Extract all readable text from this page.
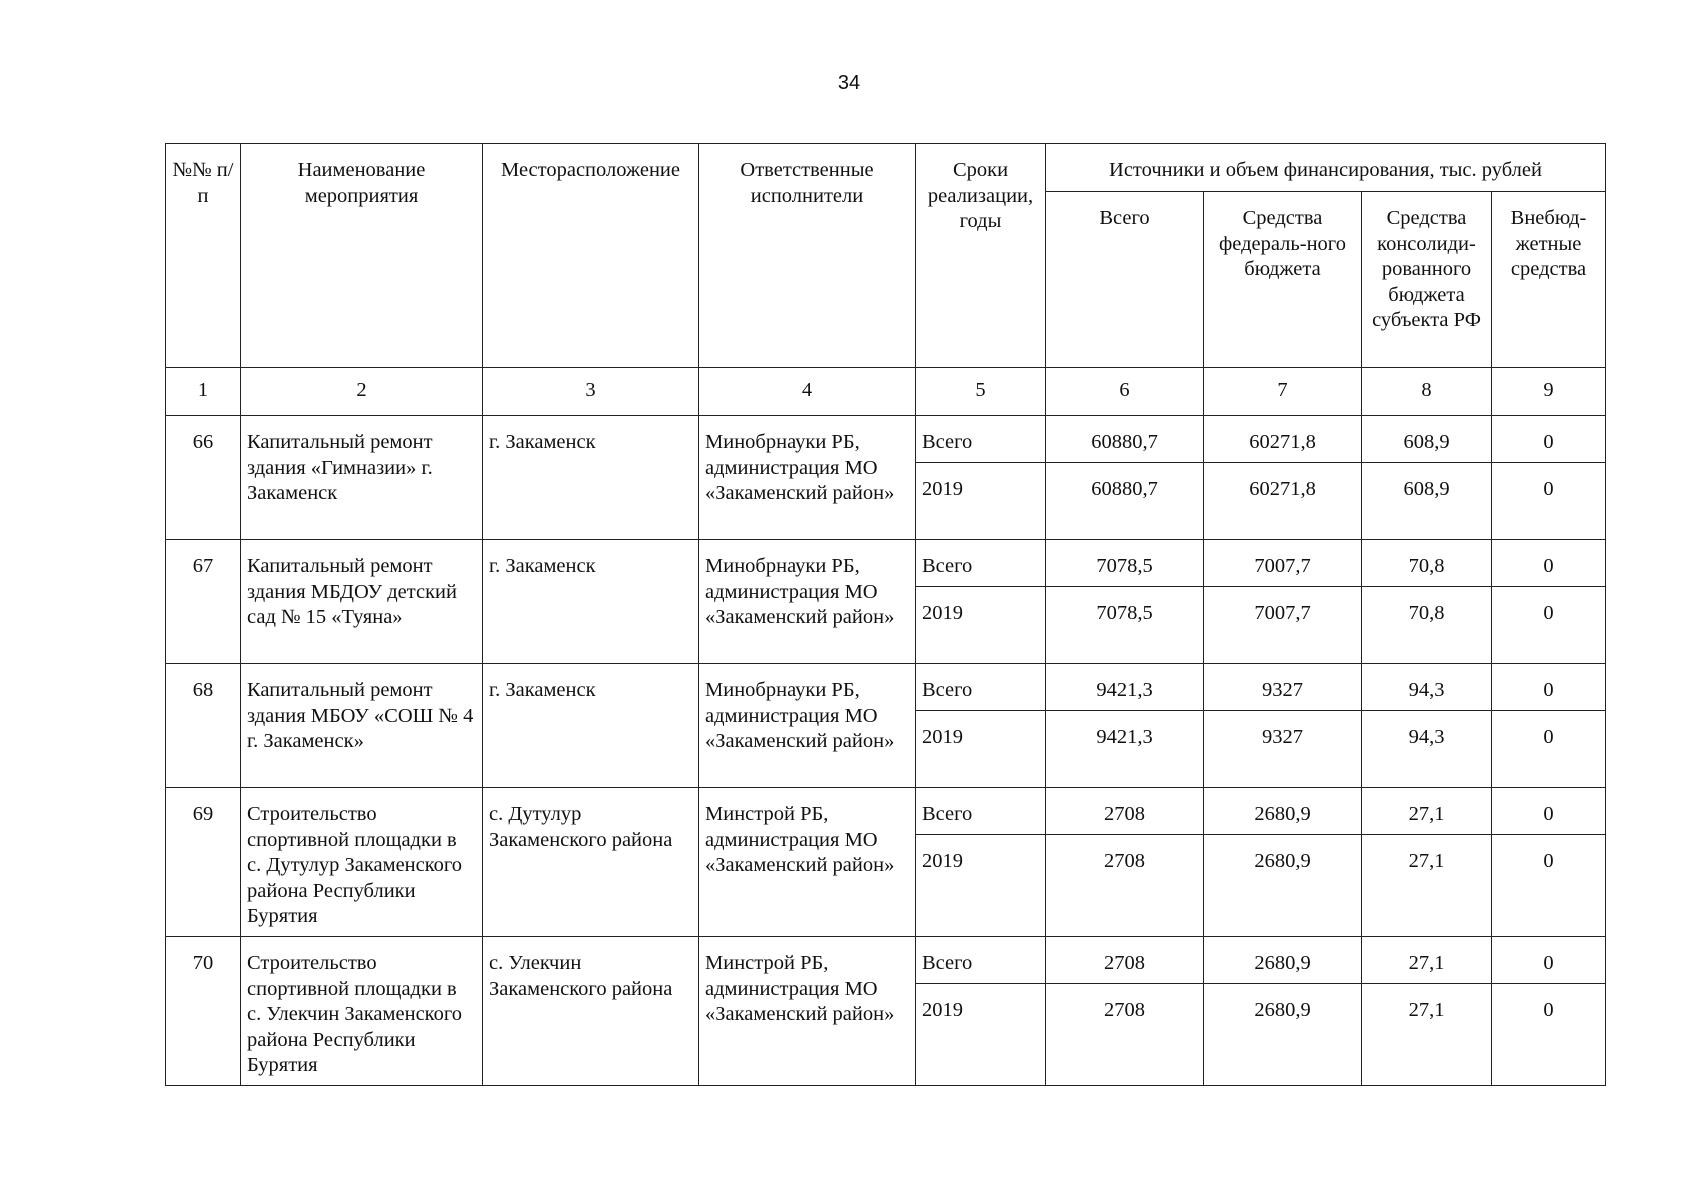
34
№№ п/п	Наименование мероприятия	Месторасположение	Ответственные исполнители	Сроки реализации, годы	Источники и объем финансирования, тыс. рублей			
					Всего	Средства федераль-ного бюджета	Средства консолиди-рованного бюджета субъекта РФ	Внебюд-жетные средства
1	2	3	4	5	6	7	8	9
66	Капитальный ремонт здания «Гимназии» г. Закаменск	г. Закаменск	Минобрнауки РБ, администрация МО «Закаменский район»	Всего	60880,7	60271,8	608,9	0
				2019	60880,7	60271,8	608,9	0
67	Капитальный ремонт здания МБДОУ детский сад № 15 «Туяна»	г. Закаменск	Минобрнауки РБ, администрация МО «Закаменский район»	Всего	7078,5	7007,7	70,8	0
				2019	7078,5	7007,7	70,8	0
68	Капитальный ремонт здания МБОУ «СОШ № 4 г. Закаменск»	г. Закаменск	Минобрнауки РБ, администрация МО «Закаменский район»	Всего	9421,3	9327	94,3	0
				2019	9421,3	9327	94,3	0
69	Строительство спортивной площадки в с. Дутулур Закаменского района Республики Бурятия	с. Дутулур Закаменского района	Минстрой РБ, администрация МО «Закаменский район»	Всего	2708	2680,9	27,1	0
				2019	2708	2680,9	27,1	0
70	Строительство спортивной площадки в с. Улекчин Закаменского района Республики Бурятия	с. Улекчин Закаменского района	Минстрой РБ, администрация МО «Закаменский район»	Всего	2708	2680,9	27,1	0
				2019	2708	2680,9	27,1	0
